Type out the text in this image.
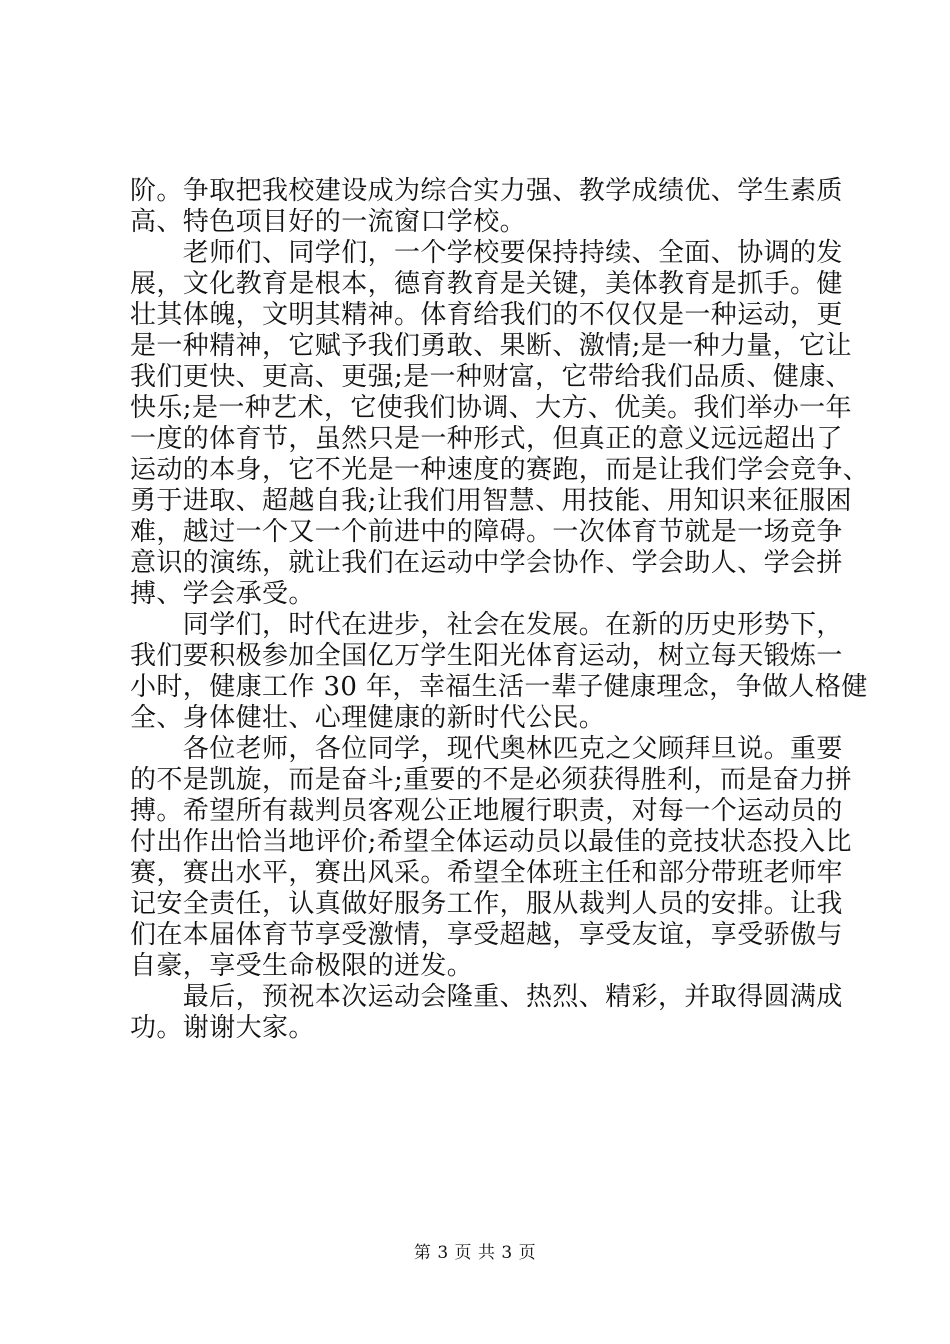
阶。争取把我校建设成为综合实力强、教学成绩优、学生素质
高、特色项目好的一流窗口学校。
　　老师们、同学们，一个学校要保持持续、全面、协调的发
展，文化教育是根本，德育教育是关键，美体教育是抓手。健
壮其体魄，文明其精神。体育给我们的不仅仅是一种运动，更
是一种精神，它赋予我们勇敢、果断、激情;是一种力量，它让
我们更快、更高、更强;是一种财富，它带给我们品质、健康、
快乐;是一种艺术，它使我们协调、大方、优美。我们举办一年
一度的体育节，虽然只是一种形式，但真正的意义远远超出了
运动的本身，它不光是一种速度的赛跑，而是让我们学会竞争、
勇于进取、超越自我;让我们用智慧、用技能、用知识来征服困
难，越过一个又一个前进中的障碍。一次体育节就是一场竞争
意识的演练，就让我们在运动中学会协作、学会助人、学会拼
搏、学会承受。
　　同学们，时代在进步，社会在发展。在新的历史形势下，
我们要积极参加全国亿万学生阳光体育运动，树立每天锻炼一
小时，健康工作 30 年，幸福生活一辈子健康理念，争做人格健
全、身体健壮、心理健康的新时代公民。
　　各位老师，各位同学，现代奥林匹克之父顾拜旦说。重要
的不是凯旋，而是奋斗;重要的不是必须获得胜利，而是奋力拼
搏。希望所有裁判员客观公正地履行职责，对每一个运动员的
付出作出恰当地评价;希望全体运动员以最佳的竞技状态投入比
赛，赛出水平，赛出风采。希望全体班主任和部分带班老师牢
记安全责任，认真做好服务工作，服从裁判人员的安排。让我
们在本届体育节享受激情，享受超越，享受友谊，享受骄傲与
自豪，享受生命极限的迸发。
　　最后，预祝本次运动会隆重、热烈、精彩，并取得圆满成
功。谢谢大家。
第 3 页 共 3 页
